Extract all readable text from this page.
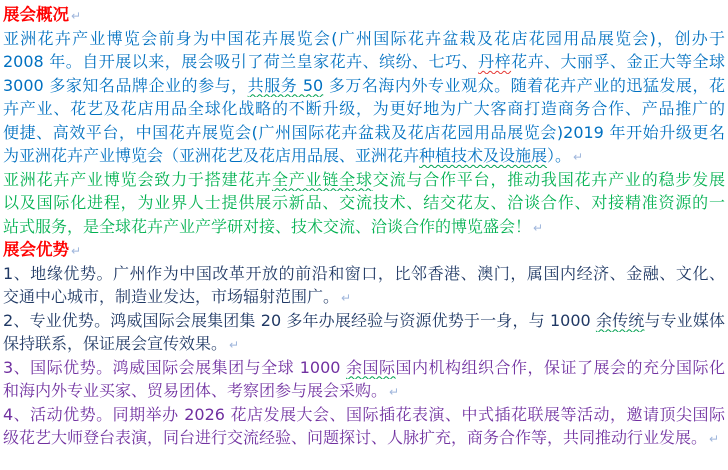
展会概况 ↵
亚洲花卉产业博览会前身为中国花卉展览会(广州国际花卉盆栽及花店花园用品展览会)，创办于
2008 年。自开展以来，展会吸引了荷兰皇家花卉、缤纷、七巧、丹梓花卉、大丽孚、金正大等全球
3000 多家知名品牌企业的参与，共服务 50 多万名海内外专业观众。随着花卉产业的迅猛发展，花
卉产业、花艺及花店用品全球化战略的不断升级，为更好地为广大客商打造商务合作、产品推广的
便捷、高效平台，中国花卉展览会(广州国际花卉盆栽及花店花园用品展览会)2019 年开始升级更名
为亚洲花卉产业博览会（亚洲花艺及花店用品展、亚洲花卉种植技术及设施展）。 ↵
亚洲花卉产业博览会致力于搭建花卉全产业链全球交流与合作平台，推动我国花卉产业的稳步发展
以及国际化进程，为业界人士提供展示新品、交流技术、结交花友、洽谈合作、对接精准资源的一
站式服务，是全球花卉产业产学研对接、技术交流、洽谈合作的博览盛会！ ↵
展会优势 ↵
1、地缘优势。广州作为中国改革开放的前沿和窗口，比邻香港、澳门，属国内经济、金融、文化、
交通中心城市，制造业发达，市场辐射范围广。 ↵
2、专业优势。鸿威国际会展集团集 20 多年办展经验与资源优势于一身，与 1000 余传统与专业媒体
保持联系，保证展会宣传效果。 ↵
3、国际优势。鸿威国际会展集团与全球 1000 余国际国内机构组织合作，保证了展会的充分国际化
和海内外专业买家、贸易团体、考察团参与展会采购。 ↵
4、活动优势。同期举办 2026 花店发展大会、国际插花表演、中式插花联展等活动，邀请顶尖国际
级花艺大师登台表演，同台进行交流经验、问题探讨、人脉扩充，商务合作等，共同推动行业发展。 ↵
